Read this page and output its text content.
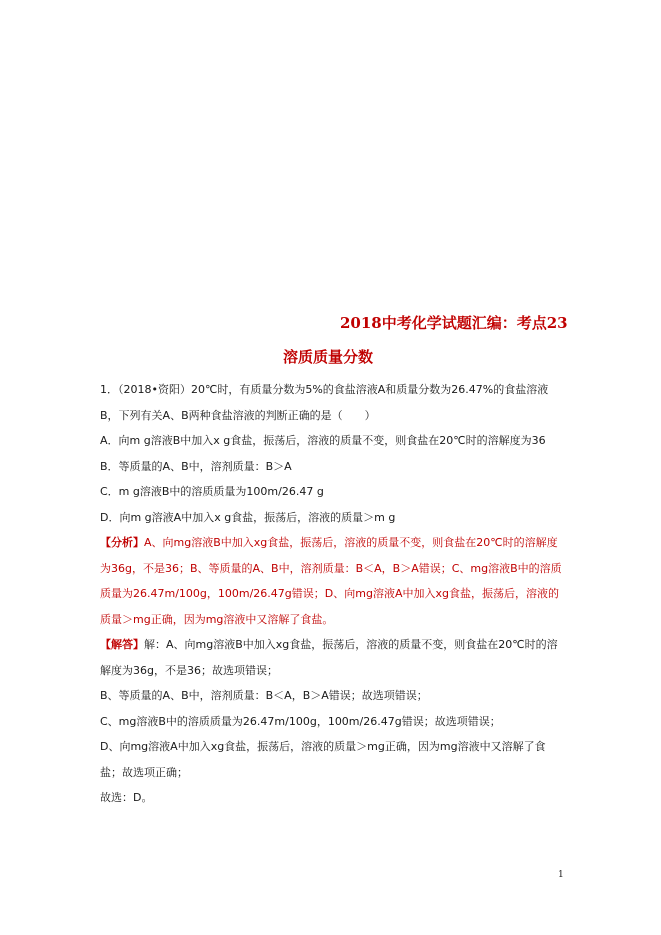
2018中考化学试题汇编：考点23
溶质质量分数

1．（2018•资阳）20℃时，有质量分数为5%的食盐溶液A和质量分数为26.47%的食盐溶液B，下列有关A、B两种食盐溶液的判断正确的是（　　）

A．向m g溶液B中加入x g食盐，振荡后，溶液的质量不变，则食盐在20℃时的溶解度为36

B．等质量的A、B中，溶剂质量：B＞A

C．m g溶液B中的溶质质量为100m/26.47 g

D．向m g溶液A中加入x g食盐，振荡后，溶液的质量＞m g

【分析】A、向mg溶液B中加入xg食盐，振荡后，溶液的质量不变，则食盐在20℃时的溶解度为36g，不是36；B、等质量的A、B中，溶剂质量：B＜A，B＞A错误；C、mg溶液B中的溶质质量为26.47m/100g，100m/26.47g错误；D、向mg溶液A中加入xg食盐，振荡后，溶液的质量＞mg正确，因为mg溶液中又溶解了食盐。

【解答】解：A、向mg溶液B中加入xg食盐，振荡后，溶液的质量不变，则食盐在20℃时的溶解度为36g，不是36；故选项错误；

B、等质量的A、B中，溶剂质量：B＜A，B＞A错误；故选项错误；

C、mg溶液B中的溶质质量为26.47m/100g，100m/26.47g错误；故选项错误；

D、向mg溶液A中加入xg食盐，振荡后，溶液的质量＞mg正确，因为mg溶液中又溶解了食盐；故选项正确；

故选：D。

1
